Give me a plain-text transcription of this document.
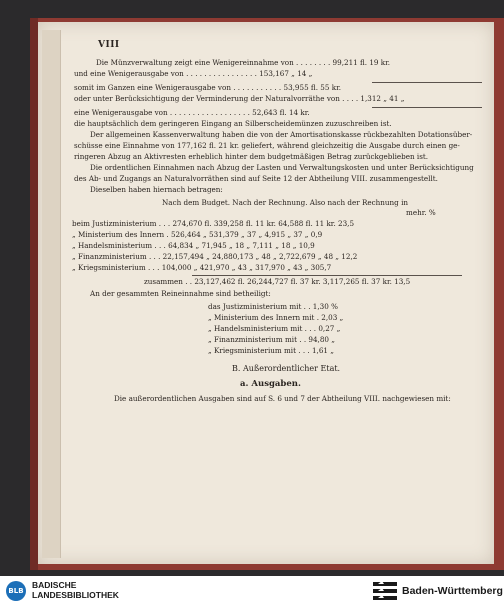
VIII
Die Münzverwaltung zeigt eine Wenigereinnahme von . . . . . . . . 99,211 fl. 19 kr.
und eine Wenigerausgabe von . . . . . . . . . . . . . . . . 153,167 „ 14 „
somit im Ganzen eine Wenigerausgabe von . . . . . . . . . . . 53,955 fl. 55 kr.
oder unter Berücksichtigung der Verminderung der Naturalvorräthe von . . . . 1,312 „ 41 „
eine Wenigerausgabe von . . . . . . . . . . . . . . . . . . 52,643 fl. 14 kr.
die hauptsächlich dem geringeren Eingang an Silberscheidemünzen zuzuschreiben ist.
Der allgemeinen Kassenverwaltung haben die von der Amortisationskasse rückbezahlten Dotationsüber-
schüsse eine Einnahme von 177,162 fl. 21 kr. geliefert, während gleichzeitig die Ausgabe durch einen ge-
ringeren Abzug an Aktivresten erheblich hinter dem budgetmäßigen Betrag zurückgeblieben ist.
Die ordentlichen Einnahmen nach Abzug der Lasten und Verwaltungskosten und unter Berücksichtigung
des Ab- und Zugangs an Naturalvorräthen sind auf Seite 12 der Abtheilung VIII. zusammengestellt.
Dieselben haben hiernach betragen:
Nach dem Budget. Nach der Rechnung. Also nach der Rechnung in
mehr. %
beim Justizministerium . . . 274,670 fl. 339,258 fl. 11 kr. 64,588 fl. 11 kr. 23,5
„ Ministerium des Innern . 526,464 „ 531,379 „ 37 „ 4,915 „ 37 „ 0,9
„ Handelsministerium . . . 64,834 „ 71,945 „ 18 „ 7,111 „ 18 „ 10,9
„ Finanzministerium . . . 22,157,494 „ 24,880,173 „ 48 „ 2,722,679 „ 48 „ 12,2
„ Kriegsministerium . . . 104,000 „ 421,970 „ 43 „ 317,970 „ 43 „ 305,7
zusammen . . 23,127,462 fl. 26,244,727 fl. 37 kr. 3,117,265 fl. 37 kr. 13,5
An der gesammten Reineinnahme sind betheiligt:
das Justizministerium mit . . 1,30 %
„ Ministerium des Innern mit . 2,03 „
„ Handelsministerium mit . . . 0,27 „
„ Finanzministerium mit . . 94,80 „
„ Kriegsministerium mit . . . 1,61 „
B. Außerordentlicher Etat.
a. Ausgaben.
Die außerordentlichen Ausgaben sind auf S. 6 und 7 der Abtheilung VIII. nachgewiesen mit:
BLB
BADISCHE
LANDESBIBLIOTHEK	Baden-Württemberg
